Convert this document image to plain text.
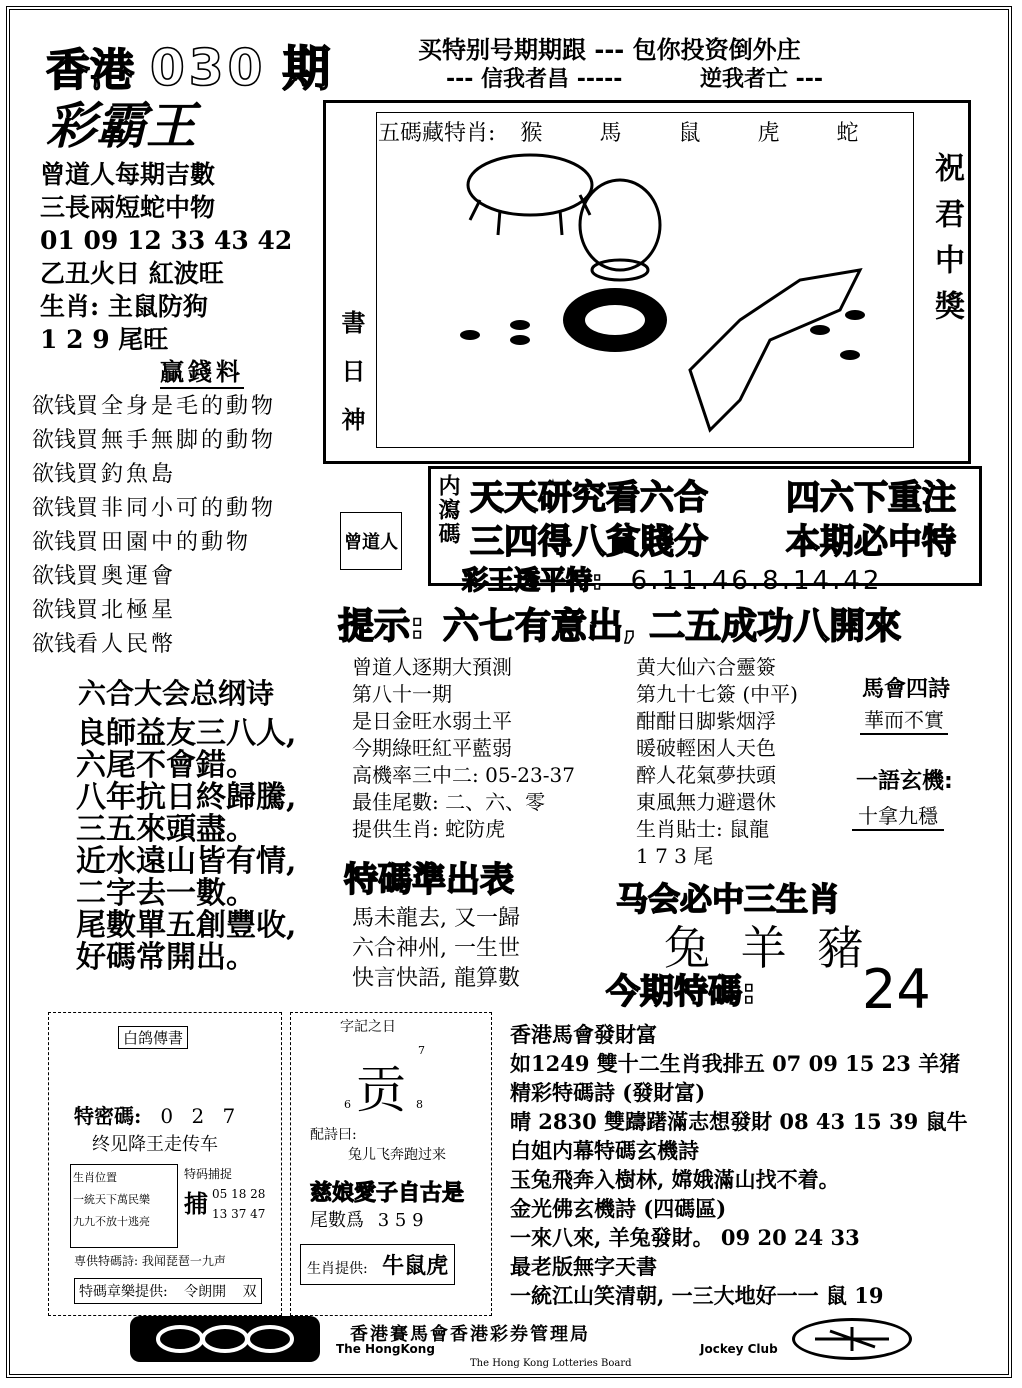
香港 030 期
彩霸王
买特别号期期跟 --- 包你投资倒外庄
--- 信我者昌 -----	逆我者亡 ---
曾道人每期吉數
三長兩短蛇中物
01 09 12 33 43 42
乙丑火日 紅波旺
生肖: 主鼠防狗
1 2 9 尾旺
贏錢料
欲钱買全身是毛的動物
欲钱買無手無脚的動物
欲钱買釣魚島
欲钱買非同小可的動物
欲钱買田園中的動物
欲钱買奥運會
欲钱買北極星
欲钱看人民幣
五碼藏特肖: 猴	馬	鼠	虎	蛇
書 日 神
祝君中獎
曾道人 内瀉碼 天天研究看六合 四六下重注
三四得八貧賤分 本期必中特
彩王透平特: 6.11.46.8.14.42
提示: 六七有意出, 二五成功八開來
六合大会总纲诗
良師益友三八人,
六尾不會錯。
八年抗日終歸騰,
三五來頭盡。
近水遠山皆有情,
二字去一數。
尾數單五創豐收,
好碼常開出。
曾道人逐期大預測
第八十一期
是日金旺水弱土平
今期綠旺紅平藍弱
高機率三中二: 05-23-37
最佳尾數: 二、六、零
提供生肖: 蛇防虎
黄大仙六合靈簽
第九十七簽 (中平)
酣酣日脚紫烟浮
暖破輕困人天色
醉人花氣夢扶頭
東風無力避還休
生肖貼士: 鼠龍
1 7 3 尾
馬會四詩
華而不實
一語玄機:
十拿九穩
特碼準出表
馬未龍去, 又一歸
六合神州, 一生世
快言快語, 龍算數
马会必中三生肖
兔 羊 豬
今期特碼: 24
白鸽傳書
特密碼: 0 2 7
终见降王走传车
生肖位置
一統天下萬民樂
九九不放十逃亮
特码捕捉
捕 05 18 28
13 37 47
専供特碼詩: 我闻琵琶一九声
特碼章樂提供: 令朗開 双
字記之日
贡
7
6	8
配詩曰:
兔儿飞奔跑过来
慈娘愛子自古是
尾數爲 3 5 9
生肖提供: 牛鼠虎
香港馬會發財富
如1249 雙十二生肖我排五 07 09 15 23 羊猪
精彩特碼詩 (發財富)
晴 2830 雙躊躇滿志想發財 08 43 15 39 鼠牛
白姐内幕特碼玄機詩
玉兔飛奔入樹林, 嫦娥滿山找不着。
金光佛玄機詩 (四碼區)
一來八來, 羊兔發財。 09 20 24 33
最老版無字天書
一統江山笑清朝, 一三大地好一一 鼠 19
香港賽馬會香港彩券管理局
The HongKong	Jockey Club
The Hong Kong Lotteries Board
